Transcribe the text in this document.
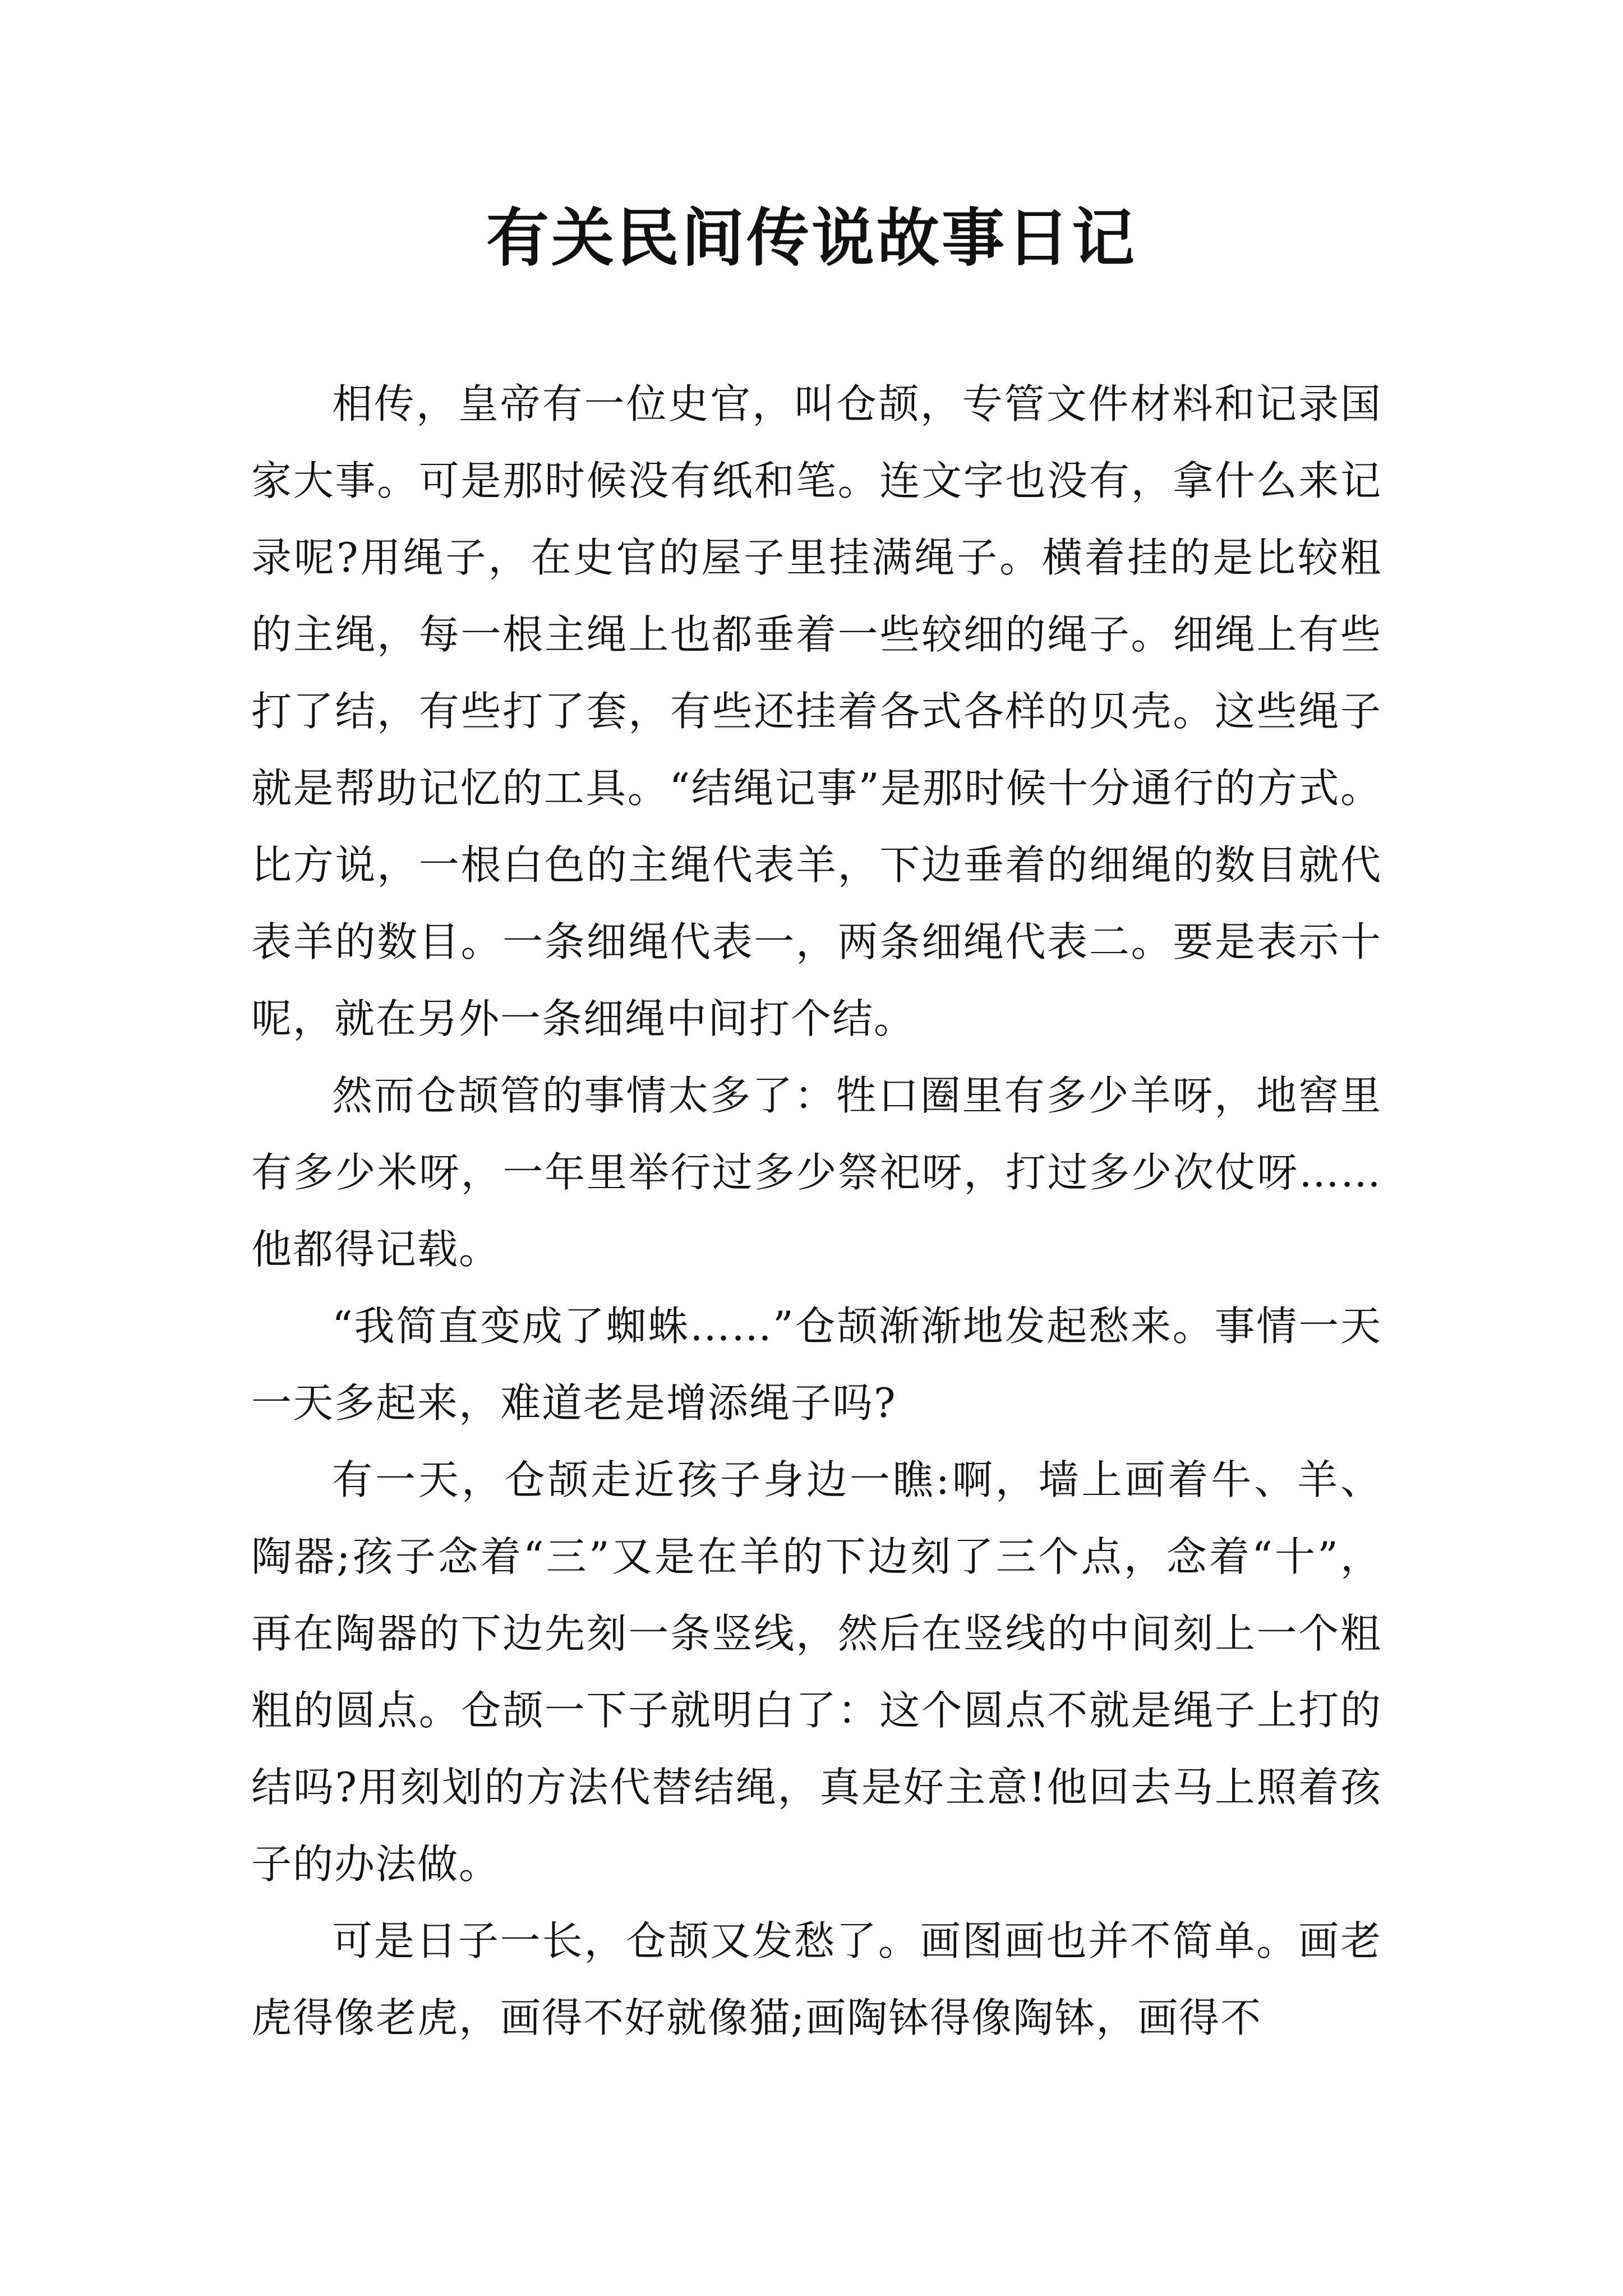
有关民间传说故事日记

相传，皇帝有一位史官，叫仓颉，专管文件材料和记录国家大事。可是那时候没有纸和笔。连文字也没有，拿什么来记录呢?用绳子，在史官的屋子里挂满绳子。横着挂的是比较粗的主绳，每一根主绳上也都垂着一些较细的绳子。细绳上有些打了结，有些打了套，有些还挂着各式各样的贝壳。这些绳子就是帮助记忆的工具。“结绳记事”是那时候十分通行的方式。比方说，一根白色的主绳代表羊，下边垂着的细绳的数目就代表羊的数目。一条细绳代表一，两条细绳代表二。要是表示十呢，就在另外一条细绳中间打个结。

然而仓颉管的事情太多了：牲口圈里有多少羊呀，地窖里有多少米呀，一年里举行过多少祭祀呀，打过多少次仗呀……他都得记载。

“我简直变成了蜘蛛……”仓颉渐渐地发起愁来。事情一天一天多起来，难道老是增添绳子吗?

有一天，仓颉走近孩子身边一瞧:啊，墙上画着牛、羊、陶器;孩子念着“三”又是在羊的下边刻了三个点，念着“十”，再在陶器的下边先刻一条竖线，然后在竖线的中间刻上一个粗粗的圆点。仓颉一下子就明白了：这个圆点不就是绳子上打的结吗?用刻划的方法代替结绳，真是好主意!他回去马上照着孩子的办法做。

可是日子一长，仓颉又发愁了。画图画也并不简单。画老虎得像老虎，画得不好就像猫;画陶钵得像陶钵，画得不
